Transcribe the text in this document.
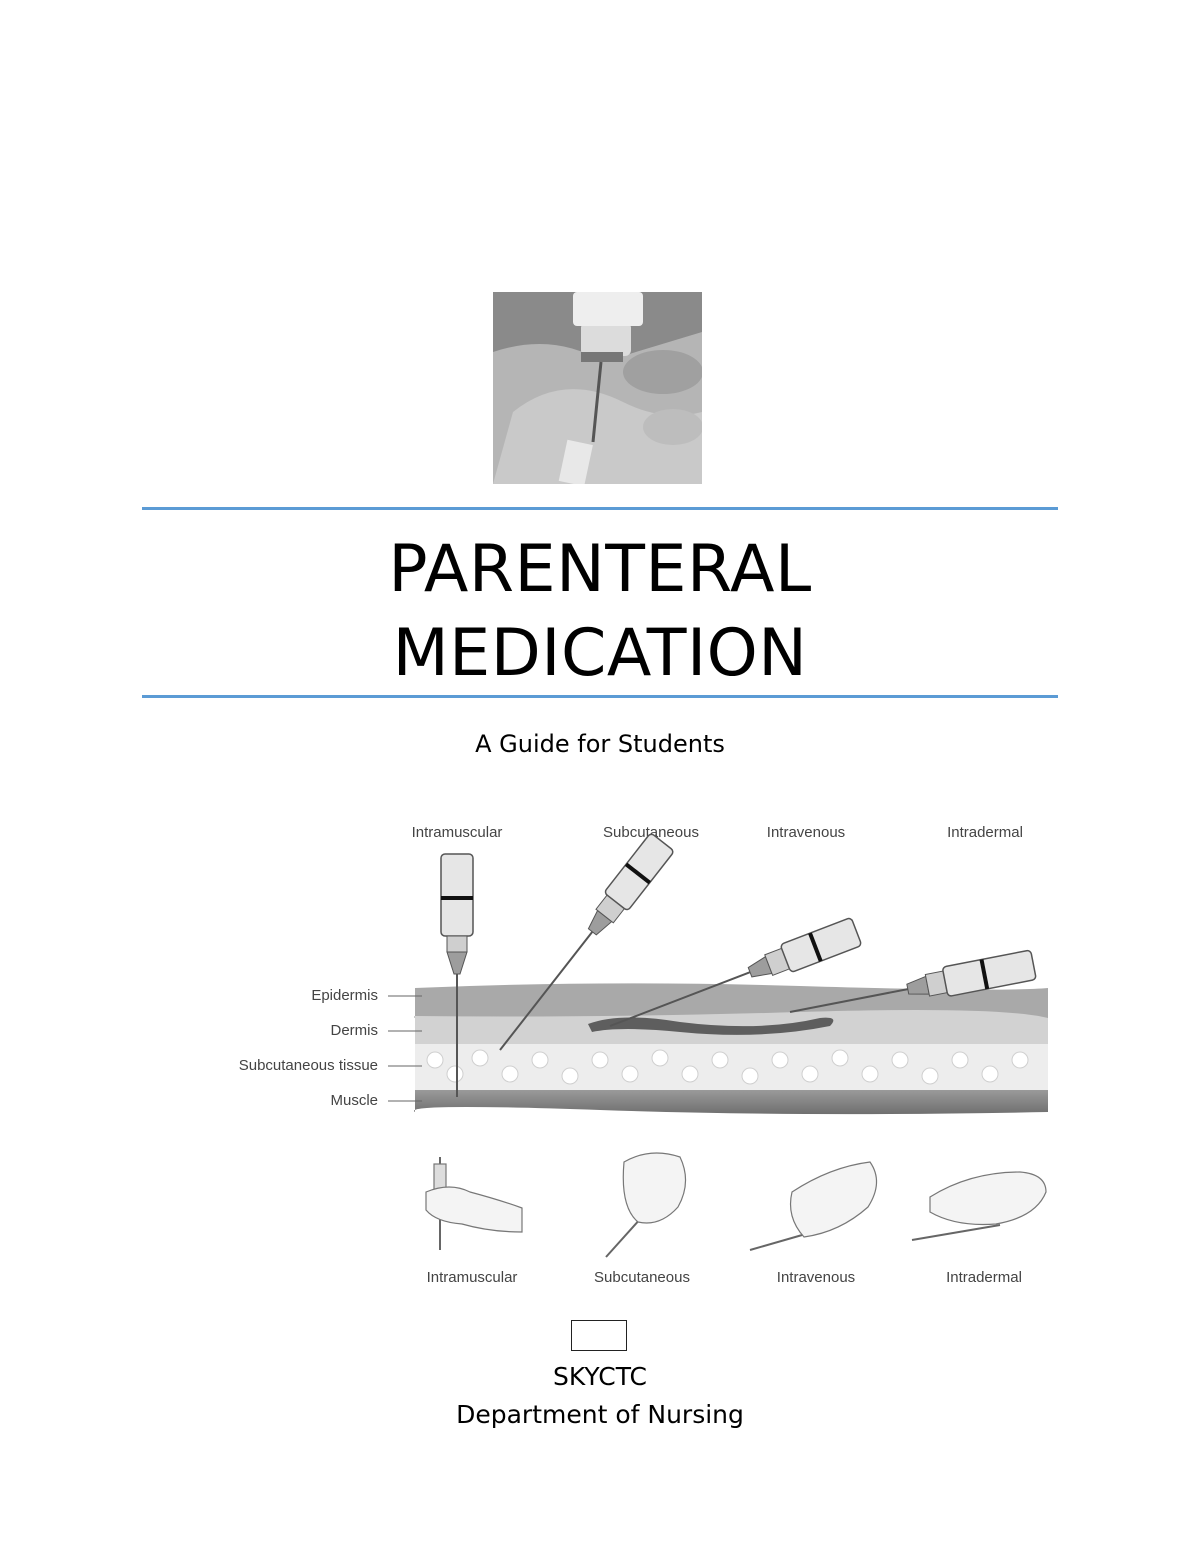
PARENTERAL
MEDICATION
A Guide for Students
Intramuscular	Subcutaneous	Intravenous	Intradermal
Epidermis
Dermis
Subcutaneous tissue
Muscle
Intramuscular	Subcutaneous	Intravenous	Intradermal
SKYCTC
Department of Nursing
